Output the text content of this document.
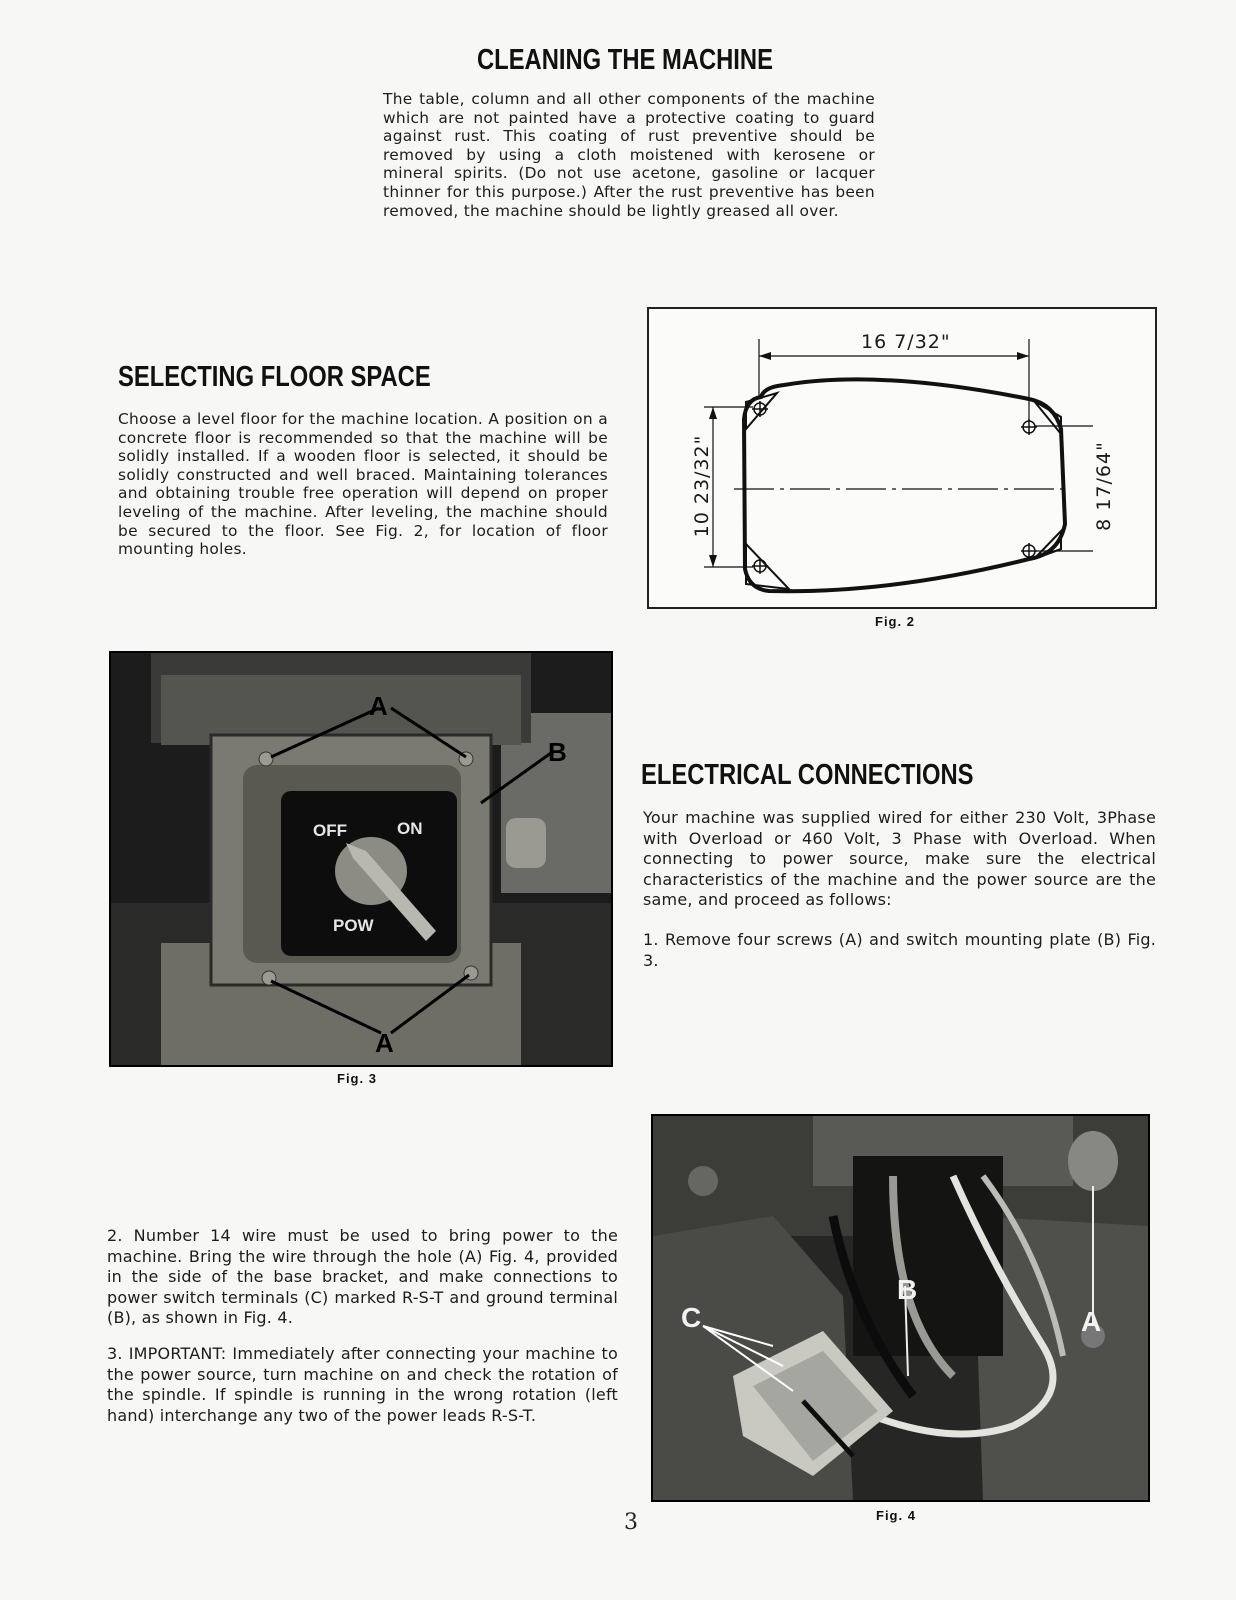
CLEANING THE MACHINE
The table, column and all other components of the machine which are not painted have a protective coating to guard against rust. This coating of rust preventive should be removed by using a cloth moistened with kerosene or mineral spirits. (Do not use acetone, gasoline or lacquer thinner for this purpose.) After the rust preventive has been removed, the machine should be lightly greased all over.
SELECTING FLOOR SPACE
Choose a level floor for the machine location. A position on a concrete floor is recommended so that the machine will be solidly installed. If a wooden floor is selected, it should be solidly constructed and well braced. Maintaining tolerances and obtaining trouble free operation will depend on proper leveling of the machine. After leveling, the machine should be secured to the floor. See Fig. 2, for location of floor mounting holes.
16 7/32"
10 23/32"	8 17/64"
Fig. 2
A
A
B
OFF	ON
POW
Fig. 3
ELECTRICAL CONNECTIONS
Your machine was supplied wired for either 230 Volt, 3Phase with Overload or 460 Volt, 3 Phase with Overload. When connecting to power source, make sure the electrical characteristics of the machine and the power source are the same, and proceed as follows:
1. Remove four screws (A) and switch mounting plate (B) Fig. 3.
2. Number 14 wire must be used to bring power to the machine. Bring the wire through the hole (A) Fig. 4, provided in the side of the base bracket, and make connections to power switch terminals (C) marked R-S-T and ground terminal (B), as shown in Fig. 4.
3. IMPORTANT: Immediately after connecting your machine to the power source, turn machine on and check the rotation of the spindle. If spindle is running in the wrong rotation (left hand) interchange any two of the power leads R-S-T.
A
B
C
Fig. 4
3
